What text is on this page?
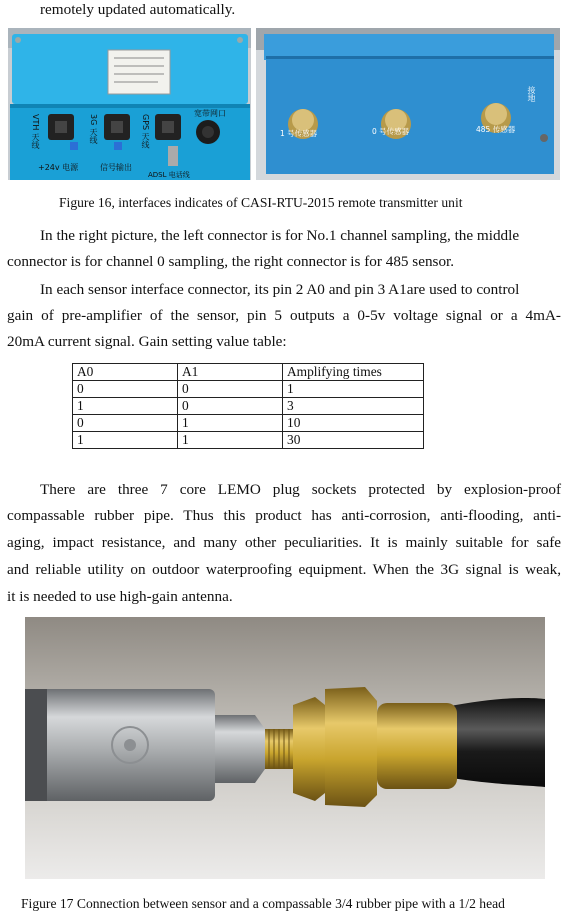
remotely updated automatically.
VTH 天线	3G 天线	GPS 天线
宽带网口
+24v 电源	信号输出
ADSL 电话线
1 号传感器	0 号传感器	485 传感器
接地
Figure 16, interfaces indicates of CASI-RTU-2015 remote transmitter unit
In the right picture, the left connector is for No.1 channel sampling, the middle
connector is for channel 0 sampling, the right connector is for 485 sensor.
In each sensor interface connector, its pin 2 A0 and pin 3 A1are used to control
gain of pre-amplifier of the sensor, pin 5 outputs a 0-5v voltage signal or a 4mA-
20mA current signal. Gain setting value table:
A0	A1	Amplifying times
0	0	1
1	0	3
0	1	10
1	1	30
There are three 7 core LEMO plug sockets protected by explosion-proof
compassable rubber pipe. Thus this product has anti-corrosion, anti-flooding, anti-
aging, impact resistance, and many other peculiarities. It is mainly suitable for safe
and reliable utility on outdoor waterproofing equipment. When the 3G signal is weak,
it is needed to use high-gain antenna.
Figure 17 Connection between sensor and a compassable 3/4 rubber pipe with a 1/2 head
